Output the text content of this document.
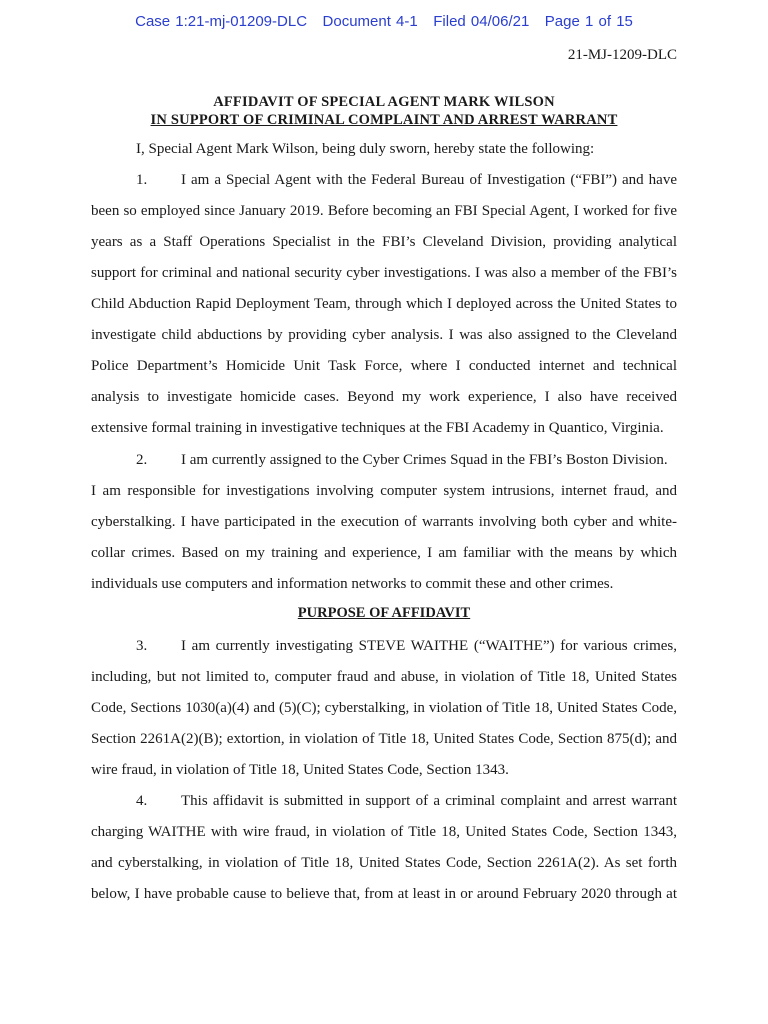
Case 1:21-mj-01209-DLC   Document 4-1   Filed 04/06/21   Page 1 of 15
21-MJ-1209-DLC
AFFIDAVIT OF SPECIAL AGENT MARK WILSON
IN SUPPORT OF CRIMINAL COMPLAINT AND ARREST WARRANT
I, Special Agent Mark Wilson, being duly sworn, hereby state the following:
1. I am a Special Agent with the Federal Bureau of Investigation (“FBI”) and have
been so employed since January 2019. Before becoming an FBI Special Agent, I worked for five
years as a Staff Operations Specialist in the FBI’s Cleveland Division, providing analytical
support for criminal and national security cyber investigations. I was also a member of the FBI’s
Child Abduction Rapid Deployment Team, through which I deployed across the United States to
investigate child abductions by providing cyber analysis. I was also assigned to the Cleveland
Police Department’s Homicide Unit Task Force, where I conducted internet and technical
analysis to investigate homicide cases. Beyond my work experience, I also have received
extensive formal training in investigative techniques at the FBI Academy in Quantico, Virginia.
2. I am currently assigned to the Cyber Crimes Squad in the FBI’s Boston Division.
I am responsible for investigations involving computer system intrusions, internet fraud, and
cyberstalking. I have participated in the execution of warrants involving both cyber and white-
collar crimes. Based on my training and experience, I am familiar with the means by which
individuals use computers and information networks to commit these and other crimes.
PURPOSE OF AFFIDAVIT
3. I am currently investigating STEVE WAITHE (“WAITHE”) for various crimes,
including, but not limited to, computer fraud and abuse, in violation of Title 18, United States
Code, Sections 1030(a)(4) and (5)(C); cyberstalking, in violation of Title 18, United States Code,
Section 2261A(2)(B); extortion, in violation of Title 18, United States Code, Section 875(d); and
wire fraud, in violation of Title 18, United States Code, Section 1343.
4. This affidavit is submitted in support of a criminal complaint and arrest warrant
charging WAITHE with wire fraud, in violation of Title 18, United States Code, Section 1343,
and cyberstalking, in violation of Title 18, United States Code, Section 2261A(2). As set forth
below, I have probable cause to believe that, from at least in or around February 2020 through at
